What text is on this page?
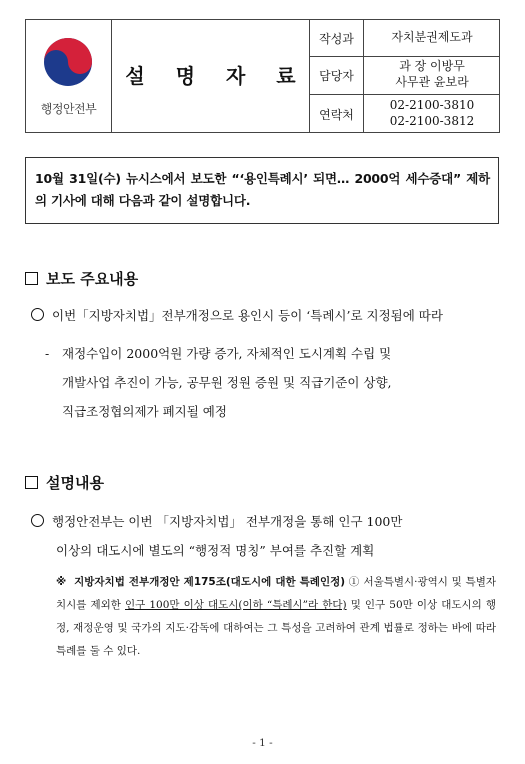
행정안전부
설 명 자 료
작성과	자치분권제도과
담당자
과 장 이방무
사무관 윤보라
연락처
02-2100-3810
02-2100-3812
10월 31일(수) 뉴시스에서 보도한 “‘용인특례시’ 되면… 2000억 세수증대” 제하의 기사에 대해 다음과 같이 설명합니다.
보도 주요내용
이번「지방자치법」전부개정으로 용인시 등이 ‘특례시’로 지정됨에 따라
- 재정수입이 2000억원 가량 증가, 자체적인 도시계획 수립 및
개발사업 추진이 가능, 공무원 정원 증원 및 직급기준이 상향,
직급조정협의제가 폐지될 예정
설명내용
행정안전부는 이번 「지방자치법」 전부개정을 통해 인구 100만
이상의 대도시에 별도의 “행정적 명칭” 부여를 추진할 계획
※ 지방자치법 전부개정안 제175조(대도시에 대한 특례인정) ① 서울특별시·광역시 및 특별자치시를 제외한 인구 100만 이상 대도시(이하 “특례시”라 한다) 및 인구 50만 이상 대도시의 행정, 재정운영 및 국가의 지도·감독에 대하여는 그 특성을 고려하여 관계 법률로 정하는 바에 따라 특례를 둘 수 있다.
- 1 -
